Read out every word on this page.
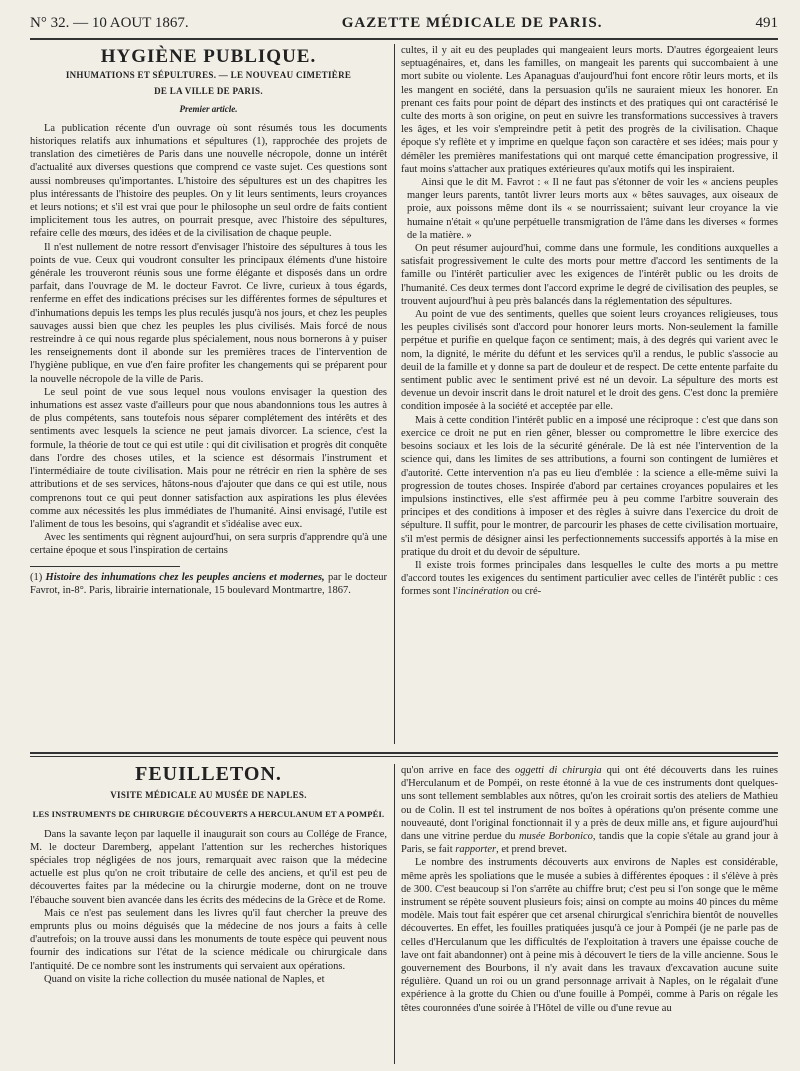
N° 32. — 10 AOUT 1867.	GAZETTE MÉDICALE DE PARIS.	491
HYGIÈNE PUBLIQUE.
INHUMATIONS ET SÉPULTURES. — LE NOUVEAU CIMETIÈRE
DE LA VILLE DE PARIS.
Premier article.

La publication récente d'un ouvrage où sont résumés tous les documents historiques relatifs aux inhumations et sépultures (1), rapprochée des projets de translation des cimetières de Paris dans une nouvelle nécropole, donne un intérêt d'actualité aux diverses questions que comprend ce vaste sujet. Ces questions sont aussi nombreuses qu'importantes. L'histoire des sépultures est un des chapitres les plus intéressants de l'histoire des peuples. On y lit leurs sentiments, leurs croyances et leurs notions; et s'il est vrai que pour le philosophe un seul ordre de faits contient implicitement tous les autres, on pourrait presque, avec l'histoire des sépultures, refaire celle des mœurs, des idées et de la civilisation de chaque peuple.

Il n'est nullement de notre ressort d'envisager l'histoire des sépultures à tous les points de vue. Ceux qui voudront consulter les principaux éléments d'une histoire générale les trouveront réunis sous une forme élégante et disposés dans un ordre parfait, dans l'ouvrage de M. le docteur Favrot. Ce livre, curieux à tous égards, renferme en effet des indications précises sur les différentes formes de sépultures et d'inhumations depuis les temps les plus reculés jusqu'à nos jours, et chez les peuples sauvages aussi bien que chez les peuples les plus civilisés. Mais forcé de nous restreindre à ce qui nous regarde plus spécialement, nous nous bornerons à y puiser les renseignements dont il abonde sur les premières traces de l'intervention de l'hygiène publique, en vue d'en faire profiter les changements qui se préparent pour la nouvelle nécropole de la ville de Paris.

Le seul point de vue sous lequel nous voulons envisager la question des inhumations est assez vaste d'ailleurs pour que nous abandonnions tous les autres à de plus compétents, sans toutefois nous séparer complétement des intérêts et des sentiments avec lesquels la science ne peut jamais divorcer. La science, c'est la formule, la théorie de tout ce qui est utile : qui dit civilisation et progrès dit conquête dans l'ordre des choses utiles, et la science est désormais l'instrument et l'intermédiaire de toute civilisation. Mais pour ne rétrécir en rien la sphère de ses attributions et de ses services, hâtons-nous d'ajouter que dans ce qui est utile, nous comprenons tout ce qui peut donner satisfaction aux aspirations les plus élevées comme aux nécessités les plus immédiates de l'humanité. Ainsi envisagé, l'utile est l'aliment de tous les besoins, qui s'agrandit et s'idéalise avec eux.

Avec les sentiments qui règnent aujourd'hui, on sera surpris d'apprendre qu'à une certaine époque et sous l'inspiration de certains

(1) Histoire des inhumations chez les peuples anciens et modernes, par le docteur Favrot, in-8°. Paris, librairie internationale, 15 boulevard Montmartre, 1867.

cultes, il y ait eu des peuplades qui mangeaient leurs morts. D'autres égorgeaient leurs septuagénaires, et, dans les familles, on mangeait les parents qui succombaient à une mort subite ou violente. Les Apanaguas d'aujourd'hui font encore rôtir leurs morts, et ils les mangent en société, dans la persuasion qu'ils ne sauraient mieux les honorer. En prenant ces faits pour point de départ des instincts et des pratiques qui ont caractérisé le culte des morts à son origine, on peut en suivre les transformations successives à travers les âges, et les voir s'empreindre petit à petit des progrès de la civilisation. Chaque époque s'y reflète et y imprime en quelque façon son caractère et ses idées; mais pour y démêler les premières manifestations qui ont marqué cette émancipation progressive, il faut moins s'attacher aux pratiques extérieures qu'aux motifs qui les inspiraient.

Ainsi que le dit M. Favrot : « Il ne faut pas s'étonner de voir les « anciens peuples manger leurs parents, tantôt livrer leurs morts aux « bêtes sauvages, aux oiseaux de proie, aux poissons même dont ils « se nourrissaient; suivant leur croyance la vie humaine n'était « qu'une perpétuelle transmigration de l'âme dans les diverses « formes de la matière. »

On peut résumer aujourd'hui, comme dans une formule, les conditions auxquelles a satisfait progressivement le culte des morts pour mettre d'accord les sentiments de la famille ou l'intérêt particulier avec les exigences de l'intérêt public ou les droits de l'humanité. Ces deux termes dont l'accord exprime le degré de civilisation des peuples, se trouvent aujourd'hui à peu près balancés dans la réglementation des sépultures.

Au point de vue des sentiments, quelles que soient leurs croyances religieuses, tous les peuples civilisés sont d'accord pour honorer leurs morts. Non-seulement la famille perpétue et purifie en quelque façon ce sentiment; mais, à des degrés qui varient avec le nom, la dignité, le mérite du défunt et les services qu'il a rendus, le public s'associe au deuil de la famille et y donne sa part de douleur et de respect. De cette entente parfaite du sentiment public avec le sentiment privé est né un devoir. La sépulture des morts est devenue un devoir inscrit dans le droit naturel et le droit des gens. C'est donc la première condition imposée à la société et acceptée par elle.

Mais à cette condition l'intérêt public en a imposé une réciproque : c'est que dans son exercice ce droit ne put en rien gêner, blesser ou compromettre le libre exercice des besoins sociaux et les lois de la sécurité générale. De là est née l'intervention de la science qui, dans les limites de ses attributions, a fourni son contingent de lumières et d'autorité. Cette intervention n'a pas eu lieu d'emblée : la science a elle-même suivi la progression de toutes choses. Inspirée d'abord par certaines croyances populaires et les impulsions instinctives, elle s'est affirmée peu à peu comme l'arbitre souverain des principes et des conditions à imposer et des règles à suivre dans l'exercice du droit de sépulture. Il suffit, pour le montrer, de parcourir les phases de cette civilisation mortuaire, s'il m'est permis de désigner ainsi les perfectionnements successifs apportés à la mise en pratique du droit et du devoir de sépulture.

Il existe trois formes principales dans lesquelles le culte des morts a pu mettre d'accord toutes les exigences du sentiment particulier avec celles de l'intérêt public : ces formes sont l'incinération ou cré-

FEUILLETON.
VISITE MÉDICALE AU MUSÉE DE NAPLES.
LES INSTRUMENTS DE CHIRURGIE DÉCOUVERTS A HERCULANUM ET A POMPÉI.

Dans la savante leçon par laquelle il inaugurait son cours au Collége de France, M. le docteur Daremberg, appelant l'attention sur les recherches historiques spéciales trop négligées de nos jours, remarquait avec raison que la médecine actuelle est plus qu'on ne croit tributaire de celle des anciens, et qu'il est peu de découvertes faites par la médecine ou la chirurgie moderne, dont on ne trouve l'ébauche souvent bien avancée dans les écrits des médecins de la Grèce et de Rome.

Mais ce n'est pas seulement dans les livres qu'il faut chercher la preuve des emprunts plus ou moins déguisés que la médecine de nos jours a faits à celle d'autrefois; on la trouve aussi dans les monuments de toute espèce qui peuvent nous fournir des indications sur l'état de la science médicale ou chirurgicale dans l'antiquité. De ce nombre sont les instruments qui servaient aux opérations.

Quand on visite la riche collection du musée national de Naples, et

qu'on arrive en face des oggetti di chirurgia qui ont été découverts dans les ruines d'Herculanum et de Pompéi, on reste étonné à la vue de ces instruments dont quelques-uns sont tellement semblables aux nôtres, qu'on les croirait sortis des ateliers de Mathieu ou de Colin. Il est tel instrument de nos boîtes à opérations qu'on présente comme une nouveauté, dont l'original fonctionnait il y a près de deux mille ans, et figure aujourd'hui dans une vitrine perdue du musée Borbonico, tandis que la copie s'étale au grand jour à Paris, se fait rapporter, et prend brevet.

Le nombre des instruments découverts aux environs de Naples est considérable, même après les spoliations que le musée a subies à différentes époques : il s'élève à près de 300. C'est beaucoup si l'on s'arrête au chiffre brut; c'est peu si l'on songe que le même instrument se répète souvent plusieurs fois; ainsi on compte au moins 40 pinces du même modèle. Mais tout fait espérer que cet arsenal chirurgical s'enrichira bientôt de nouvelles découvertes. En effet, les fouilles pratiquées jusqu'à ce jour à Pompéi (je ne parle pas de celles d'Herculanum que les difficultés de l'exploitation à travers une épaisse couche de lave ont fait abandonner) ont à peine mis à découvert le tiers de la ville ancienne. Sous le gouvernement des Bourbons, il n'y avait dans les travaux d'excavation aucune suite régulière. Quand un roi ou un grand personnage arrivait à Naples, on le régalait d'une expérience à la grotte du Chien ou d'une fouille à Pompéi, comme à Paris on régale les têtes couronnées d'une soirée à l'Hôtel de ville ou d'une revue au
